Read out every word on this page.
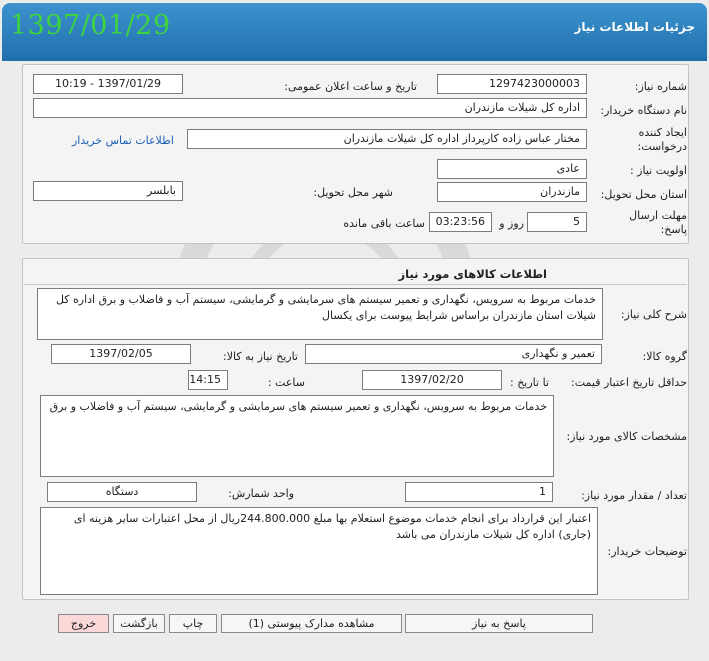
جزئیات اطلاعات نیاز
1397/01/29
شماره نیاز:
1297423000003
تاریخ و ساعت اعلان عمومی:
1397/01/29 - 10:19
نام دستگاه خریدار:
اداره کل شیلات مازندران
ایجاد کننده
درخواست:
مختار عباس زاده کارپرداز اداره کل شیلات مازندران
اطلاعات تماس خریدار
اولویت نیاز :
عادی
استان محل تحویل:
مازندران
شهر محل تحویل:
بابلسر
مهلت ارسال
پاسخ:
5
روز و
03:23:56
ساعت باقی مانده
اطلاعات کالاهای مورد نیاز
شرح کلی نیاز:
خدمات مربوط به سرویس، نگهداری و تعمیر سیستم های سرمایشی و گرمایشی، سیستم آب و فاضلاب و برق اداره کل شیلات استان مازندران براساس شرایط پیوست برای یکسال
گروه کالا:
تعمیر و نگهداری
تاریخ نیاز به کالا:
1397/02/05
حداقل تاریخ اعتبار قیمت:
تا تاریخ :
1397/02/20
ساعت :
14:15
مشخصات کالای مورد نیاز:
خدمات مربوط به سرویس، نگهداری و تعمیر سیستم های سرمایشی و گرمایشی، سیستم آب و فاضلاب و برق
تعداد / مقدار مورد نیاز:
1
واحد شمارش:
دستگاه
توضیحات خریدار:
اعتبار این قرارداد برای انجام خدمات موضوع استعلام بها مبلغ 244.800.000ریال از محل اعتبارات سایر هزینه ای (جاری) اداره کل شیلات مازندران می باشد
پاسخ به نیاز
مشاهده مدارک پیوستی (1)
چاپ
بازگشت
خروج
